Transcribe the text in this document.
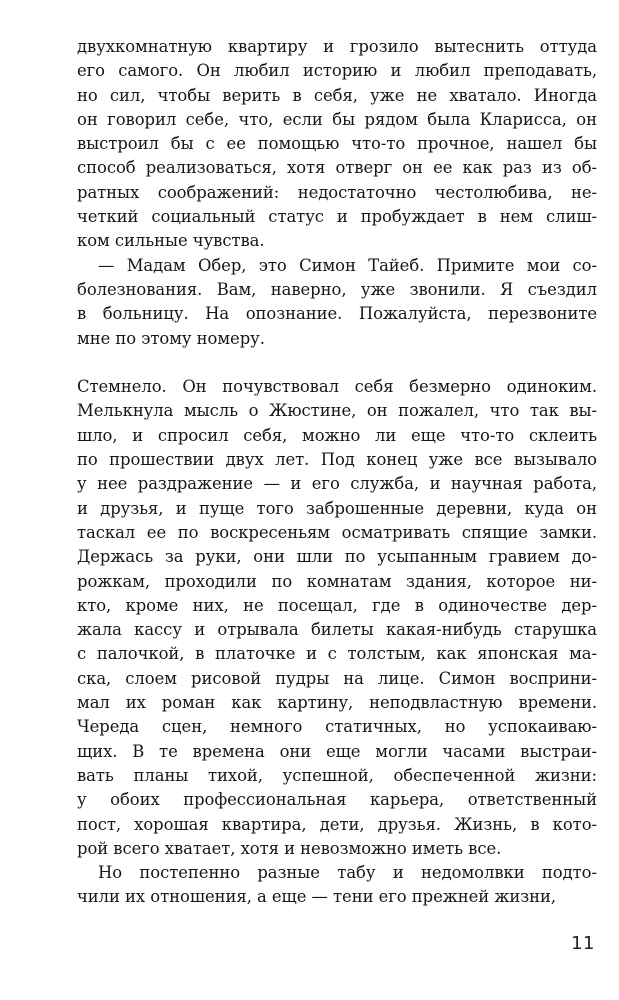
двухкомнатную квартиру и грозило вытеснить оттуда
его самого. Он любил историю и любил преподавать,
но сил, чтобы верить в себя, уже не хватало. Иногда
он говорил себе, что, если бы рядом была Кларисса, он
выстроил бы с ее помощью что-то прочное, нашел бы
способ реализоваться, хотя отверг он ее как раз из об-
ратных соображений: недостаточно честолюбива, не-
четкий социальный статус и пробуждает в нем слиш-
ком сильные чувства.
— Мадам Обер, это Симон Тайеб. Примите мои со-
болезнования. Вам, наверно, уже звонили. Я съездил
в больницу. На опознание. Пожалуйста, перезвоните
мне по этому номеру.
Стемнело. Он почувствовал себя безмерно одиноким.
Мелькнула мысль о Жюстине, он пожалел, что так вы-
шло, и спросил себя, можно ли еще что-то склеить
по прошествии двух лет. Под конец уже все вызывало
у нее раздражение — и его служба, и научная работа,
и друзья, и пуще того заброшенные деревни, куда он
таскал ее по воскресеньям осматривать спящие замки.
Держась за руки, они шли по усыпанным гравием до-
рожкам, проходили по комнатам здания, которое ни-
кто, кроме них, не посещал, где в одиночестве дер-
жала кассу и отрывала билеты какая-нибудь старушка
с палочкой, в платочке и с толстым, как японская ма-
ска, слоем рисовой пудры на лице. Симон восприни-
мал их роман как картину, неподвластную времени.
Череда сцен, немного статичных, но успокаиваю-
щих. В те времена они еще могли часами выстраи-
вать планы тихой, успешной, обеспеченной жизни:
у обоих профессиональная карьера, ответственный
пост, хорошая квартира, дети, друзья. Жизнь, в кото-
рой всего хватает, хотя и невозможно иметь все.
Но постепенно разные табу и недомолвки подто-
чили их отношения, а еще — тени его прежней жизни,
11
